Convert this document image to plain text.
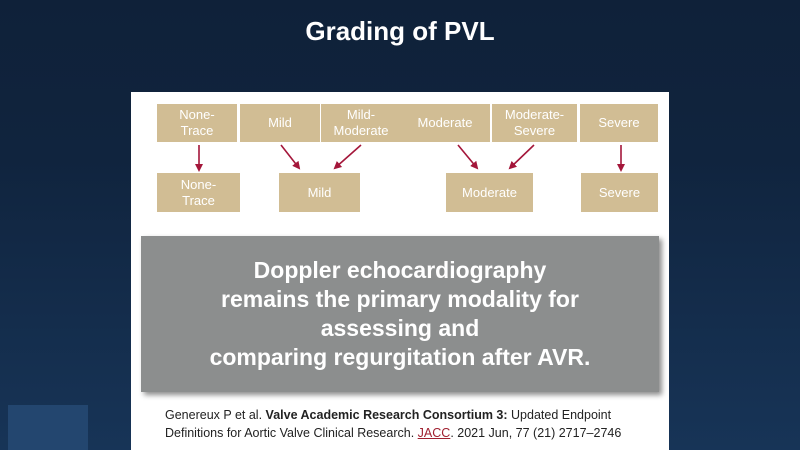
Grading of PVL
None-
Trace
Mild
Mild-
Moderate
Moderate
Moderate-
Severe
Severe
None-
Trace
Mild	Moderate	Severe
Doppler echocardiography
remains the primary modality for
assessing and
comparing regurgitation after AVR.
Genereux P et al. Valve Academic Research Consortium 3: Updated Endpoint Definitions for Aortic Valve Clinical Research. JACC. 2021 Jun, 77 (21) 2717–2746
